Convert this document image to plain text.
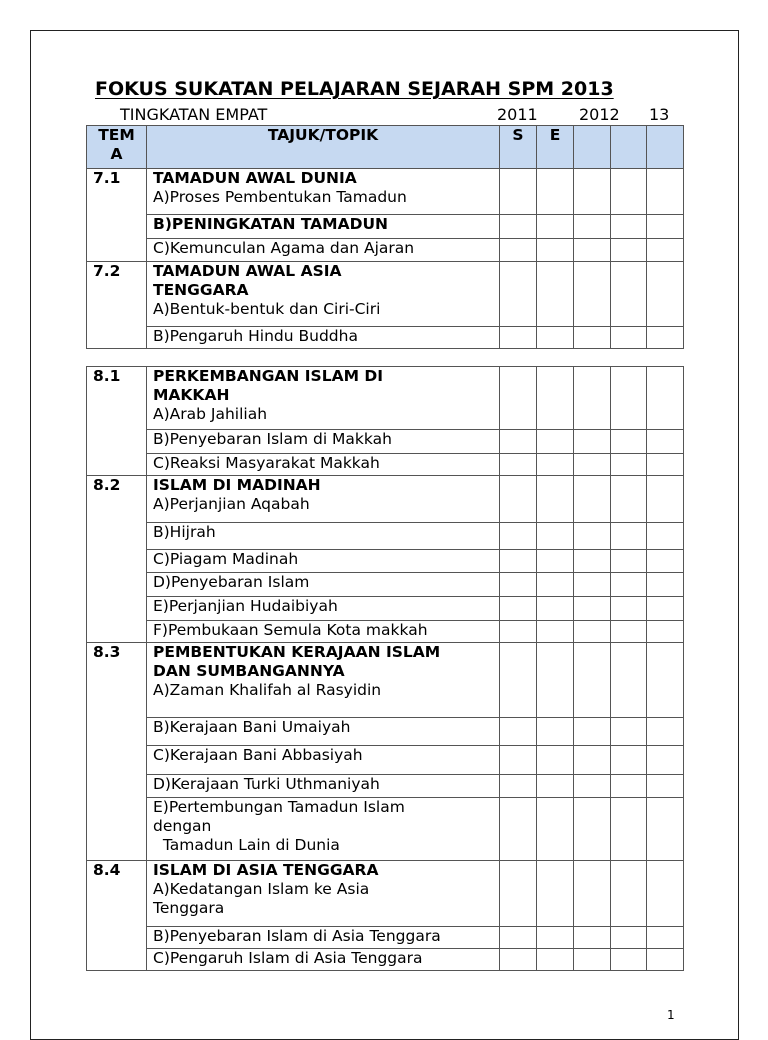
FOKUS SUKATAN PELAJARAN SEJARAH SPM 2013
TINGKATAN EMPAT	2011	2012 13
TEM A	TAJUK/TOPIK	S	E			
7.1	TAMADUN AWAL DUNIA
A)Proses Pembentukan Tamadun					

	B)PENINGKATAN TAMADUN					

	C)Kemunculan Agama dan Ajaran					

7.2	TAMADUN AWAL ASIA
TENGGARA
A)Bentuk-bentuk dan Ciri-Ciri					

	B)Pengaruh Hindu Buddha					

8.1	PERKEMBANGAN ISLAM DI
MAKKAH
A)Arab Jahiliah					

	B)Penyebaran Islam di Makkah					

	C)Reaksi Masyarakat Makkah					

8.2	ISLAM DI MADINAH
A)Perjanjian Aqabah					

	B)Hijrah					

	C)Piagam Madinah					

	D)Penyebaran Islam					

	E)Perjanjian Hudaibiyah					

	F)Pembukaan Semula Kota makkah					

8.3	PEMBENTUKAN KERAJAAN ISLAM
DAN SUMBANGANNYA
A)Zaman Khalifah al Rasyidin					

	B)Kerajaan Bani Umaiyah					

	C)Kerajaan Bani Abbasiyah					

	D)Kerajaan Turki Uthmaniyah					

	E)Pertembungan Tamadun Islam
dengan
Tamadun Lain di Dunia					

8.4	ISLAM DI ASIA TENGGARA
A)Kedatangan Islam ke Asia
Tenggara					

	B)Penyebaran Islam di Asia Tenggara					

	C)Pengaruh Islam di Asia Tenggara					

1
